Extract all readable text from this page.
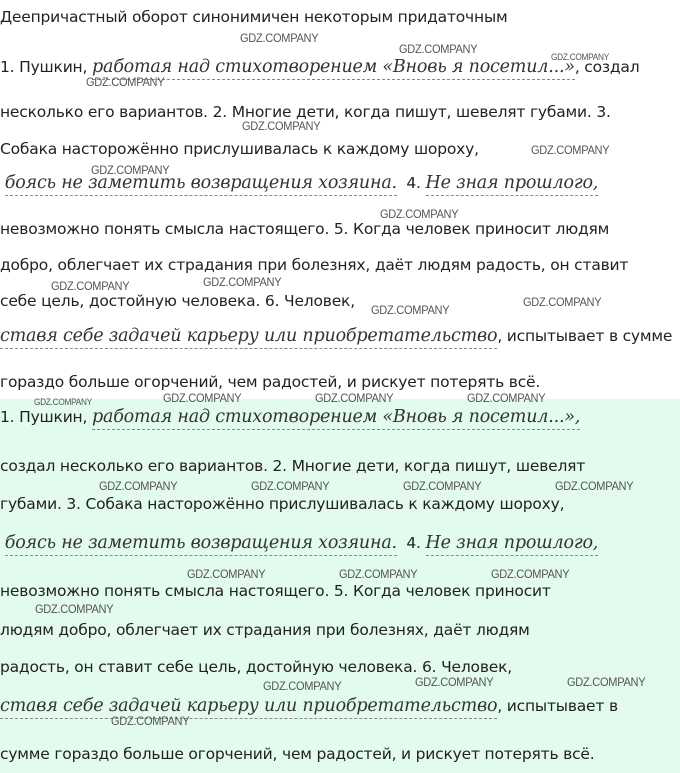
Деепричастный оборот синонимичен некоторым придаточным
1. Пушкин, работая над стихотворением «Вновь я посетил...», создал
несколько его вариантов. 2. Многие дети, когда пишут, шевелят губами. 3.
Собака насторожённо прислушивалась к каждому шороху,
боясь не заметить возвращения хозяина. 4. Не зная прошлого,
невозможно понять смысла настоящего. 5. Когда человек приносит людям
добро, облегчает их страдания при болезнях, даёт людям радость, он ставит
себе цель, достойную человека. 6. Человек,
ставя себе задачей карьеру или приобретательство, испытывает в сумме
гораздо больше огорчений, чем радостей, и рискует потерять всё.
1. Пушкин, работая над стихотворением «Вновь я посетил...»,
создал несколько его вариантов. 2. Многие дети, когда пишут, шевелят
губами. 3. Собака насторожённо прислушивалась к каждому шороху,
боясь не заметить возвращения хозяина. 4. Не зная прошлого,
невозможно понять смысла настоящего. 5. Когда человек приносит
людям добро, облегчает их страдания при болезнях, даёт людям
радость, он ставит себе цель, достойную человека. 6. Человек,
ставя себе задачей карьеру или приобретательство, испытывает в
сумме гораздо больше огорчений, чем радостей, и рискует потерять всё.
GDZ.COMPANY
GDZ.COMPANY
GDZ.COMPANY
GDZ.COMPANY
GDZ.COMPANY
GDZ.COMPANY
GDZ.COMPANY
GDZ.COMPANY
GDZ.COMPANY	GDZ.COMPANY
GDZ.COMPANY
GDZ.COMPANY
GDZ.COMPANY	GDZ.COMPANY	GDZ.COMPANY	GDZ.COMPANY
GDZ.COMPANY	GDZ.COMPANY	GDZ.COMPANY	GDZ.COMPANY
GDZ.COMPANY	GDZ.COMPANY	GDZ.COMPANY
GDZ.COMPANY
GDZ.COMPANY	GDZ.COMPANY
GDZ.COMPANY
GDZ.COMPANY
